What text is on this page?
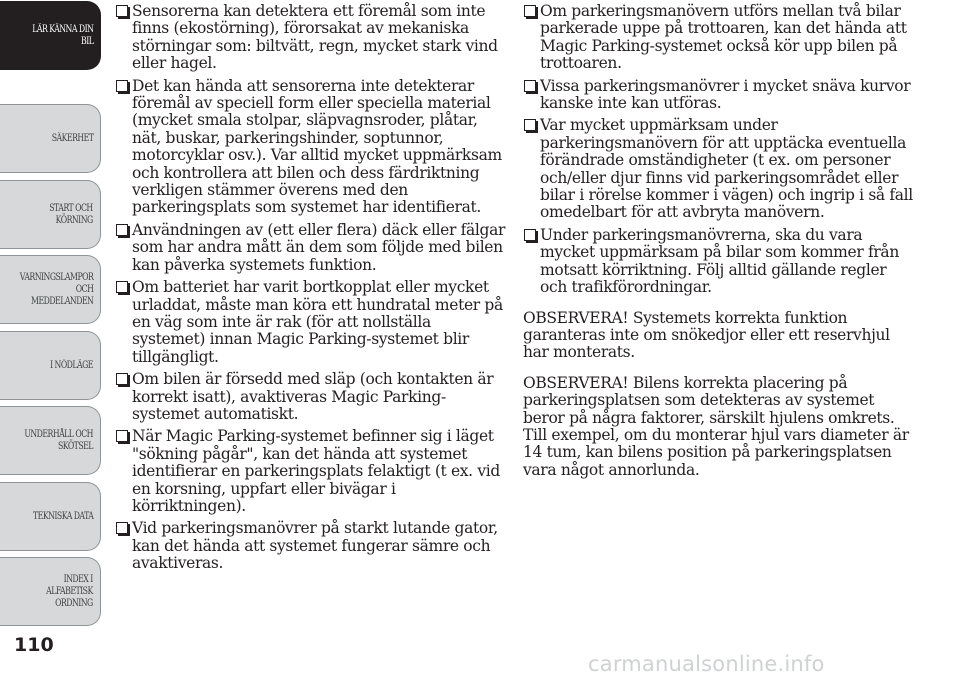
LÄR KÄNNA DIN
BIL
SÄKERHET
START OCH
KÖRNING
VARNINGSLAMPOR
OCH
MEDDELANDEN
I NÖDLÄGE
UNDERHÅLL OCH
SKÖTSEL
TEKNISKA DATA
INDEX I
ALFABETISK
ORDNING
110

Sensorerna kan detektera ett föremål som inte finns (ekostörning), förorsakat av mekaniska störningar som: biltvätt, regn, mycket stark vind eller hagel.

Det kan hända att sensorerna inte detekterar föremål av speciell form eller speciella material (mycket smala stolpar, släpvagnsroder, plåtar, nät, buskar, parkeringshinder, soptunnor, motorcyklar osv.). Var alltid mycket uppmärksam och kontrollera att bilen och dess färdriktning verkligen stämmer överens med den parkeringsplats som systemet har identifierat.

Användningen av (ett eller flera) däck eller fälgar som har andra mått än dem som följde med bilen kan påverka systemets funktion.

Om batteriet har varit bortkopplat eller mycket urladdat, måste man köra ett hundratal meter på en väg som inte är rak (för att nollställa systemet) innan Magic Parking-systemet blir tillgängligt.

Om bilen är försedd med släp (och kontakten är korrekt isatt), avaktiveras Magic Parking-systemet automatiskt.

När Magic Parking-systemet befinner sig i läget "sökning pågår", kan det hända att systemet identifierar en parkeringsplats felaktigt (t ex. vid en korsning, uppfart eller bivägar i körriktningen).

Vid parkeringsmanövrer på starkt lutande gator, kan det hända att systemet fungerar sämre och avaktiveras.

Om parkeringsmanövern utförs mellan två bilar parkerade uppe på trottoaren, kan det hända att Magic Parking-systemet också kör upp bilen på trottoaren.

Vissa parkeringsmanövrer i mycket snäva kurvor kanske inte kan utföras.

Var mycket uppmärksam under parkeringsmanövern för att upptäcka eventuella förändrade omständigheter (t ex. om personer och/eller djur finns vid parkeringsområdet eller bilar i rörelse kommer i vägen) och ingrip i så fall omedelbart för att avbryta manövern.

Under parkeringsmanövrerna, ska du vara mycket uppmärksam på bilar som kommer från motsatt körriktning. Följ alltid gällande regler och trafikförordningar.

OBSERVERA! Systemets korrekta funktion garanteras inte om snökedjor eller ett reservhjul har monterats.

OBSERVERA! Bilens korrekta placering på parkeringsplatsen som detekteras av systemet beror på några faktorer, särskilt hjulens omkrets. Till exempel, om du monterar hjul vars diameter är 14 tum, kan bilens position på parkeringsplatsen vara något annorlunda.

carmanualsonline.info
